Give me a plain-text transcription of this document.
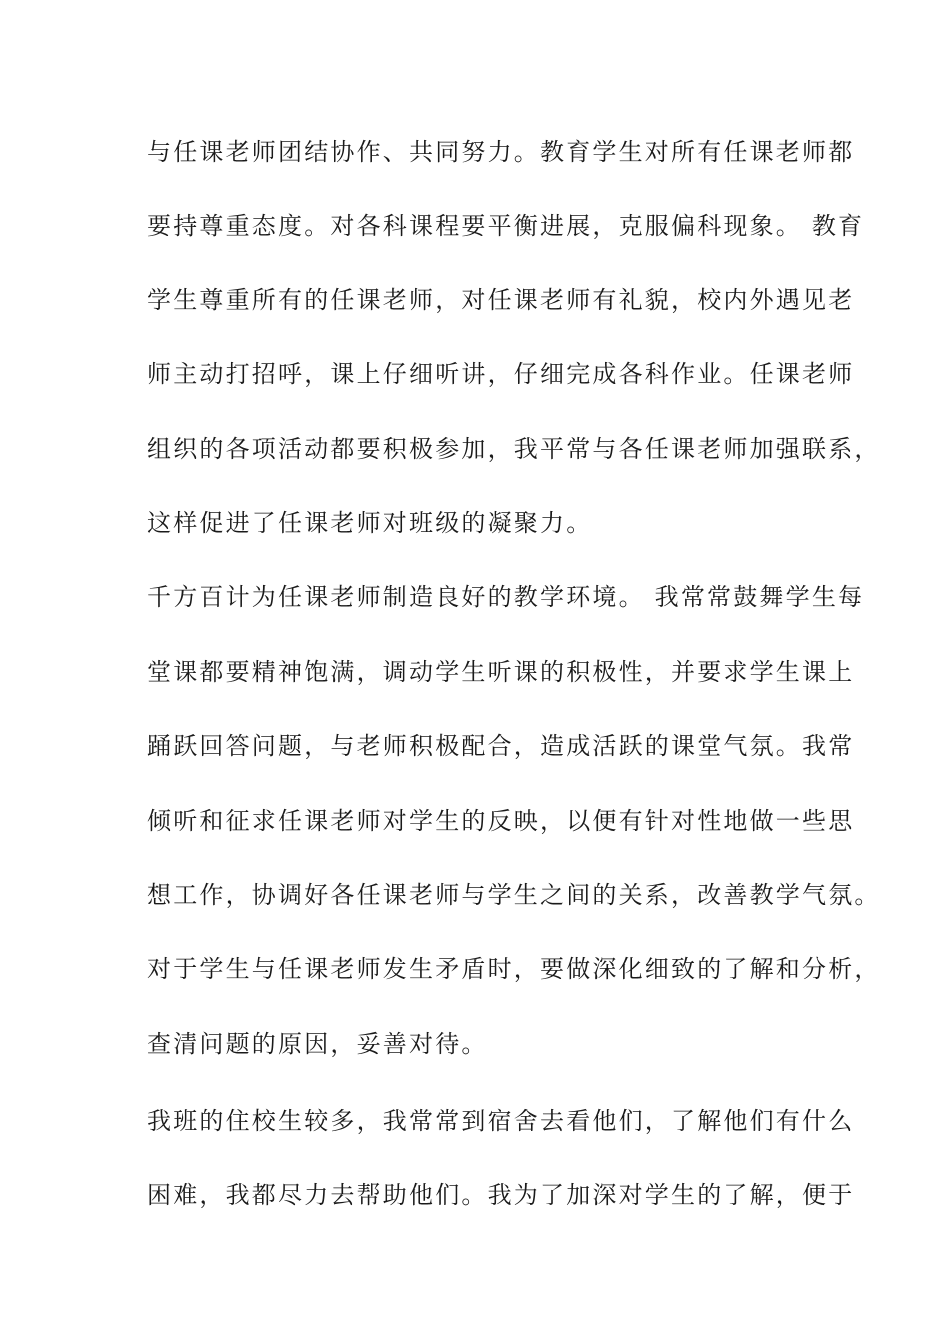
与任课老师团结协作、共同努力。教育学生对所有任课老师都
要持尊重态度。对各科课程要平衡进展，克服偏科现象。 教育
学生尊重所有的任课老师，对任课老师有礼貌，校内外遇见老
师主动打招呼，课上仔细听讲，仔细完成各科作业。任课老师
组织的各项活动都要积极参加，我平常与各任课老师加强联系，
这样促进了任课老师对班级的凝聚力。
千方百计为任课老师制造良好的教学环境。 我常常鼓舞学生每
堂课都要精神饱满，调动学生听课的积极性，并要求学生课上
踊跃回答问题，与老师积极配合，造成活跃的课堂气氛。我常
倾听和征求任课老师对学生的反映，以便有针对性地做一些思
想工作，协调好各任课老师与学生之间的关系，改善教学气氛。
对于学生与任课老师发生矛盾时，要做深化细致的了解和分析，
查清问题的原因，妥善对待。
我班的住校生较多，我常常到宿舍去看他们，了解他们有什么
困难，我都尽力去帮助他们。我为了加深对学生的了解，便于
